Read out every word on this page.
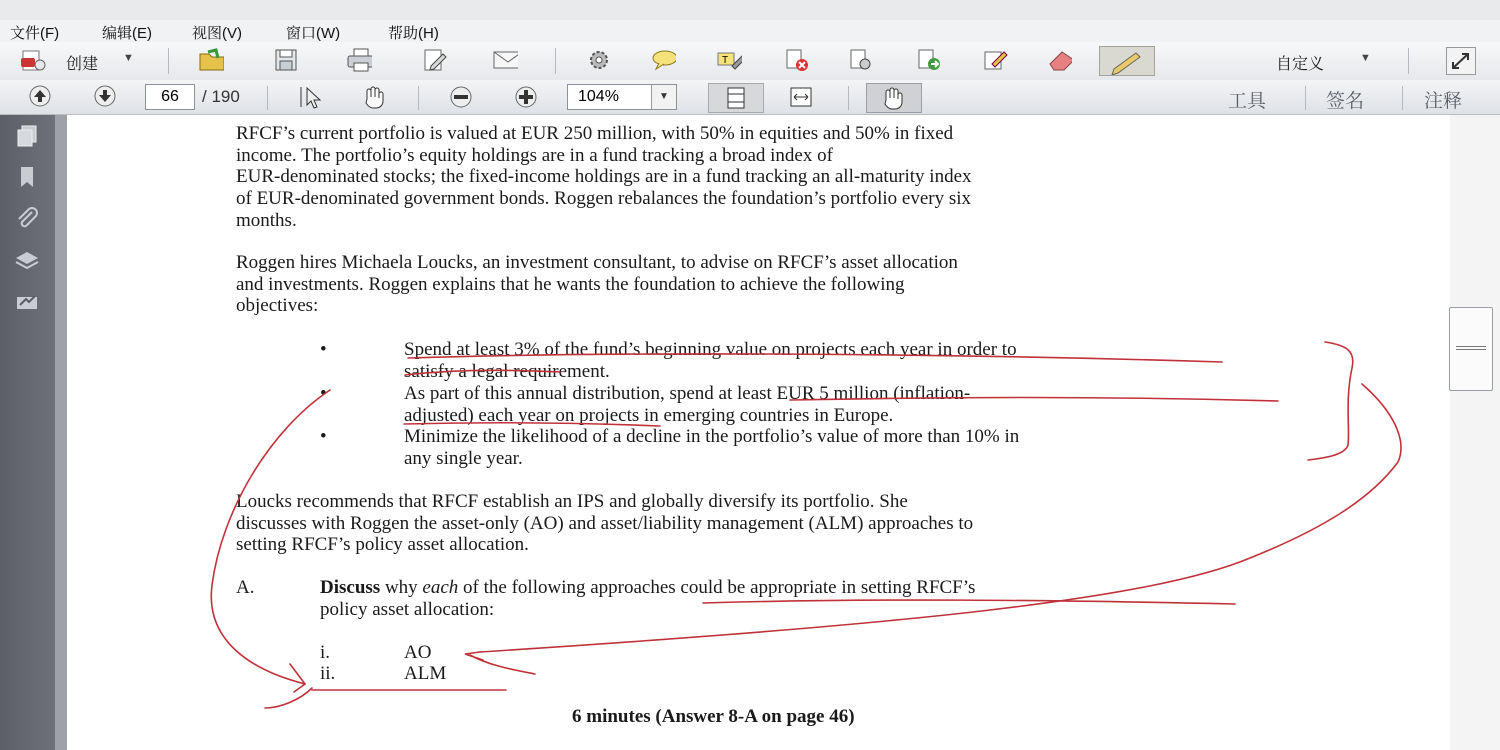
文件(F)	编辑(E)	视图(V)	窗口(W)	帮助(H)
创建 ▼	T	自定义	▼
66	/ 190	104%	▼	工具	签名	注释
RFCF’s current portfolio is valued at EUR 250 million, with 50% in equities and 50% in fixed
income. The portfolio’s equity holdings are in a fund tracking a broad index of
EUR-denominated stocks; the fixed-income holdings are in a fund tracking an all-maturity index
of EUR-denominated government bonds. Roggen rebalances the foundation’s portfolio every six
months.
Roggen hires Michaela Loucks, an investment consultant, to advise on RFCF’s asset allocation
and investments. Roggen explains that he wants the foundation to achieve the following
objectives:
•	Spend at least 3% of the fund’s beginning value on projects each year in order to
satisfy a legal requirement.
•	As part of this annual distribution, spend at least EUR 5 million (inflation-
adjusted) each year on projects in emerging countries in Europe.
•	Minimize the likelihood of a decline in the portfolio’s value of more than 10% in
any single year.
Loucks recommends that RFCF establish an IPS and globally diversify its portfolio. She
discusses with Roggen the asset-only (AO) and asset/liability management (ALM) approaches to
setting RFCF’s policy asset allocation.
A.	Discuss why each of the following approaches could be appropriate in setting RFCF’s
policy asset allocation:
i.	AO
ii.	ALM
6 minutes (Answer 8-A on page 46)
